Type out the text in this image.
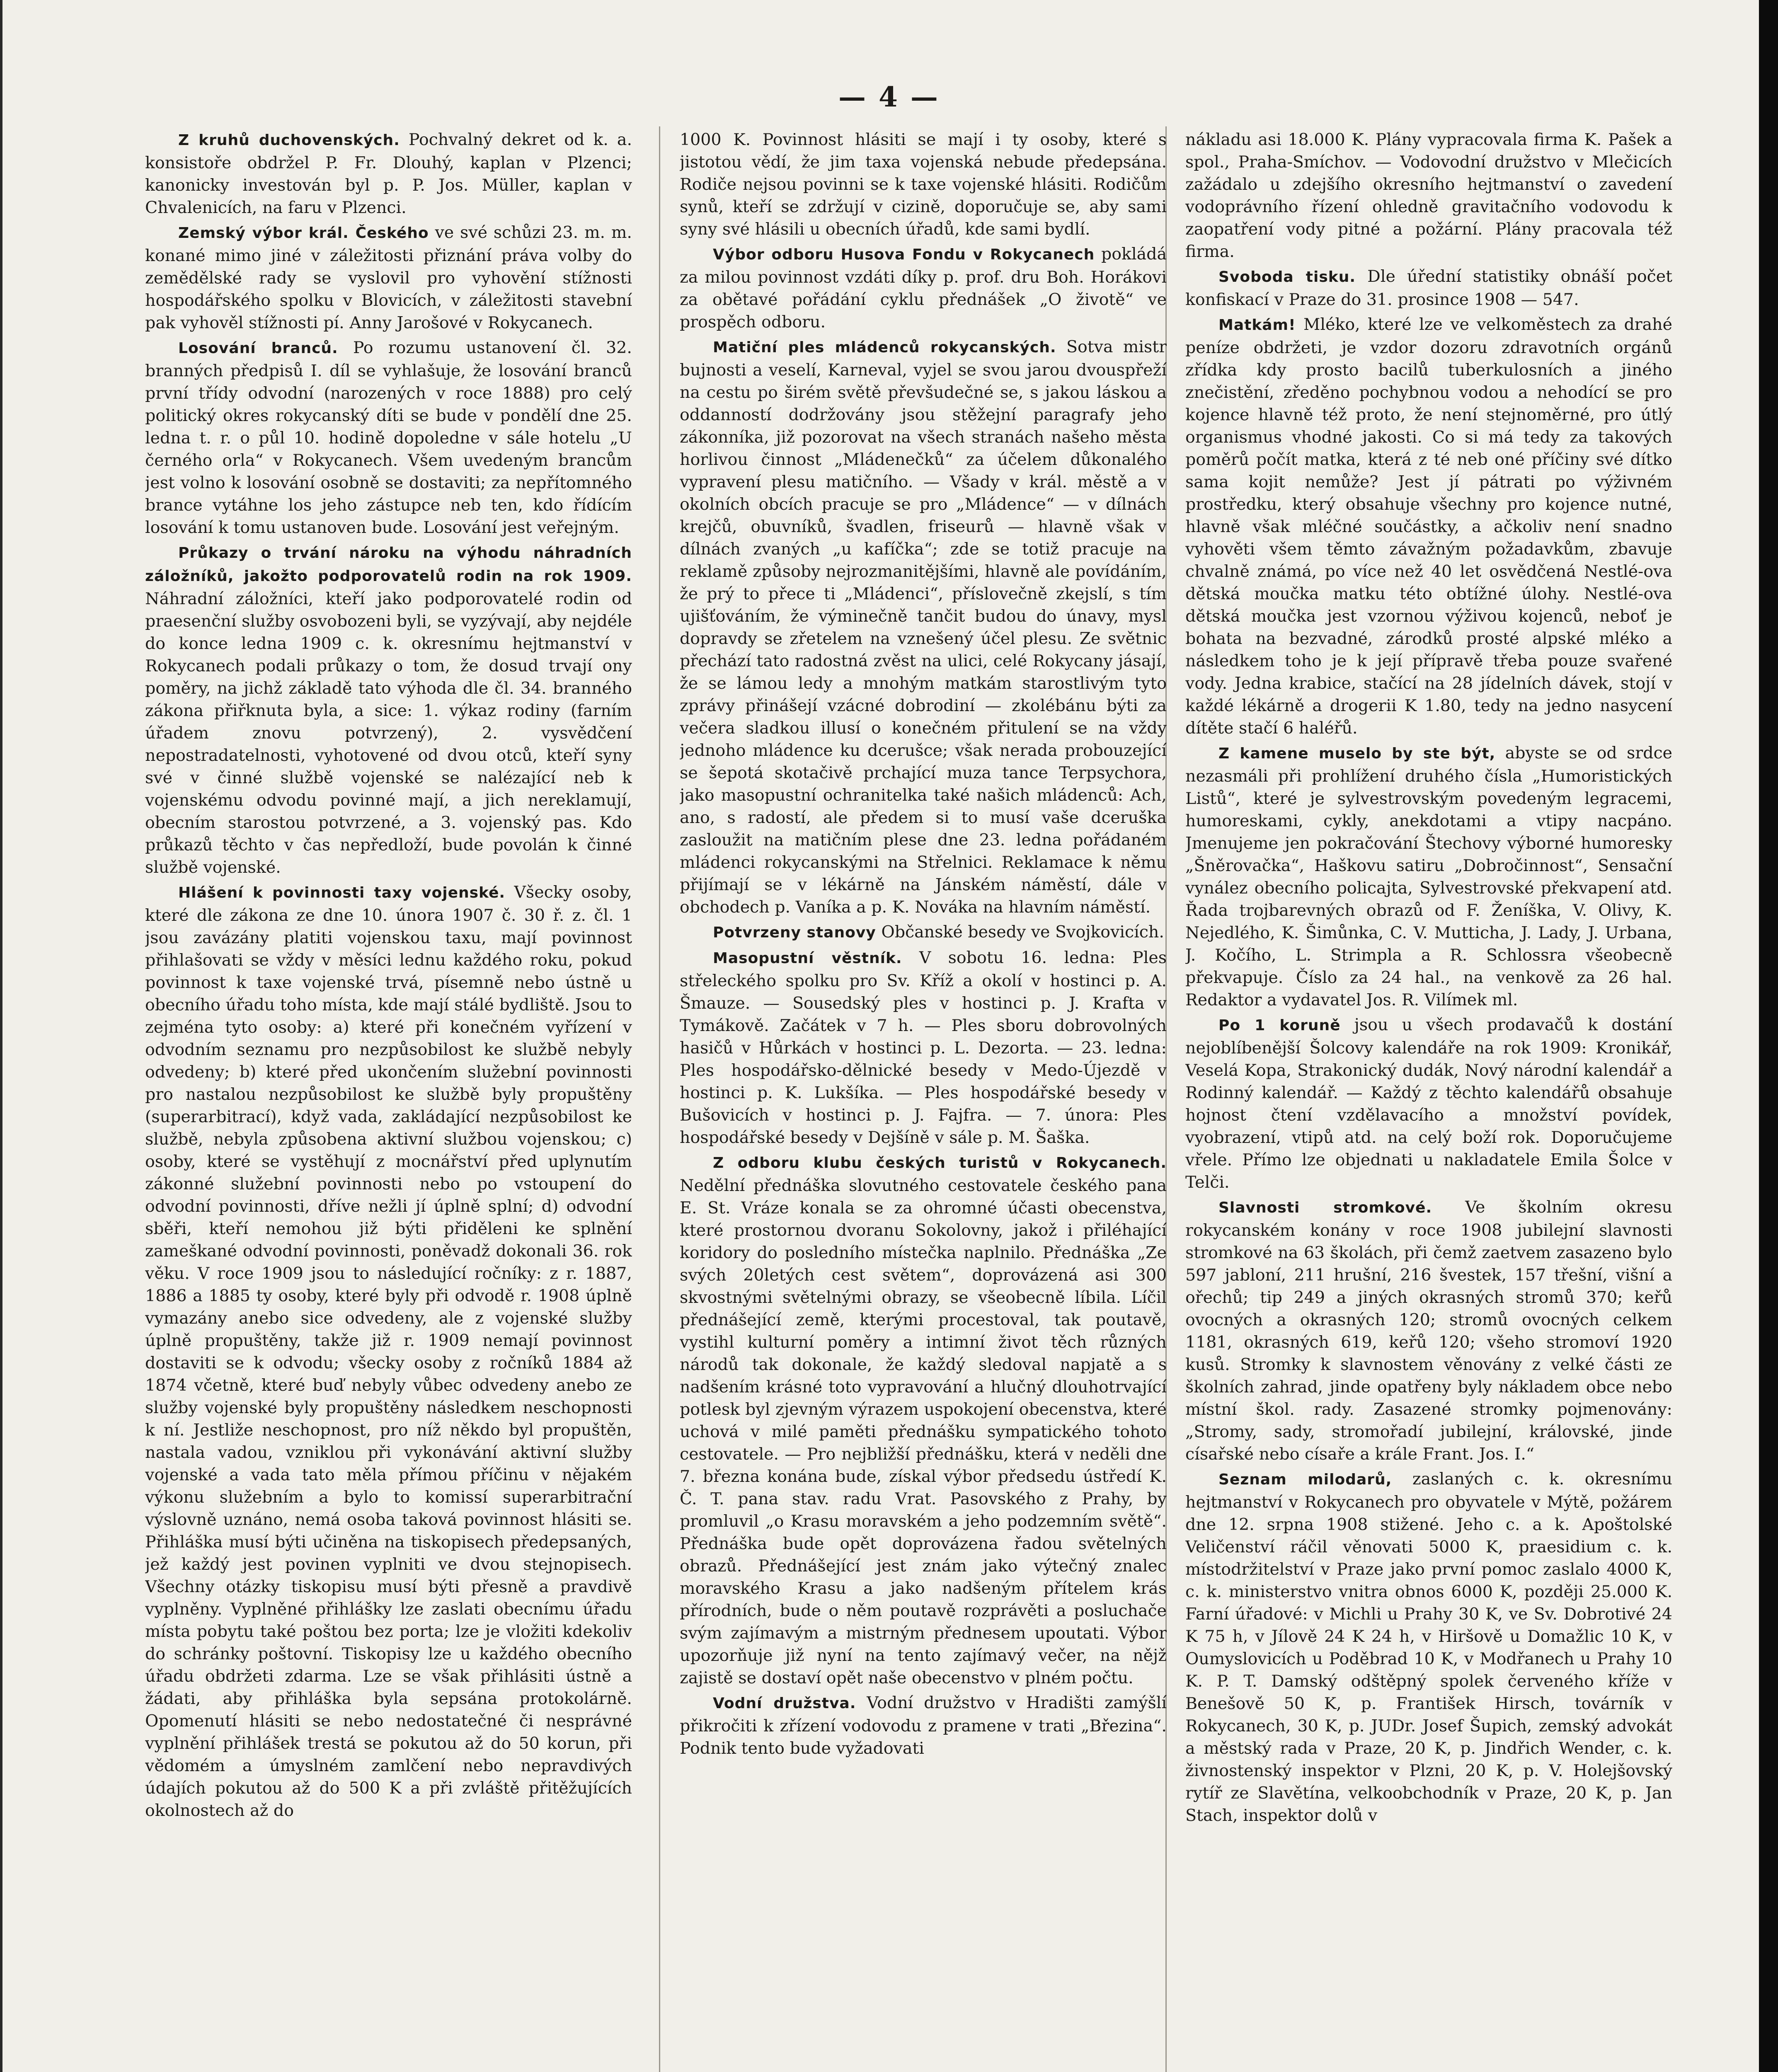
— 4 —

Z kruhů duchovenských. Pochvalný dekret od k. a. konsistoře obdržel P. Fr. Dlouhý, kaplan v Plzenci; kanonicky investován byl p. P. Jos. Müller, kaplan v Chvalenicích, na faru v Plzenci.

Zemský výbor král. Českého ve své schůzi 23. m. m. konané mimo jiné v záležitosti přiznání práva volby do zemědělské rady se vyslovil pro vyhovění stížnosti hospodářského spolku v Blovicích, v záležitosti stavební pak vyhověl stížnosti pí. Anny Jarošové v Rokycanech.

Losování branců. Po rozumu ustanovení čl. 32. branných předpisů I. díl se vyhlašuje, že losování branců první třídy odvodní (narozených v roce 1888) pro celý politický okres rokycanský díti se bude v pondělí dne 25. ledna t. r. o půl 10. hodině dopoledne v sále hotelu „U černého orla“ v Rokycanech. Všem uvedeným brancům jest volno k losování osobně se dostaviti; za nepřítomného brance vytáhne los jeho zástupce neb ten, kdo řídícím losování k tomu ustanoven bude. Losování jest veřejným.

Průkazy o trvání nároku na výhodu náhradních záložníků, jakožto podporovatelů rodin na rok 1909. Náhradní záložníci, kteří jako podporovatelé rodin od praesenční služby osvobozeni byli, se vyzývají, aby nejdéle do konce ledna 1909 c. k. okresnímu hejtmanství v Rokycanech podali průkazy o tom, že dosud trvají ony poměry, na jichž základě tato výhoda dle čl. 34. branného zákona přiřknuta byla, a sice: 1. výkaz rodiny (farním úřadem znovu potvrzený), 2. vysvědčení nepostradatelnosti, vyhotovené od dvou otců, kteří syny své v činné službě vojenské se nalézající neb k vojenskému odvodu povinné mají, a jich nereklamují, obecním starostou potvrzené, a 3. vojenský pas. Kdo průkazů těchto v čas nepředloží, bude povolán k činné službě vojenské.

Hlášení k povinnosti taxy vojenské. Všecky osoby, které dle zákona ze dne 10. února 1907 č. 30 ř. z. čl. 1 jsou zavázány platiti vojenskou taxu, mají povinnost přihlašovati se vždy v měsíci lednu každého roku, pokud povinnost k taxe vojenské trvá, písemně nebo ústně u obecního úřadu toho místa, kde mají stálé bydliště. Jsou to zejména tyto osoby: a) které při konečném vyřízení v odvodním seznamu pro nezpůsobilost ke službě nebyly odvedeny; b) které před ukončením služební povinnosti pro nastalou nezpůsobilost ke službě byly propuštěny (superarbitrací), když vada, zakládající nezpůsobilost ke službě, nebyla způsobena aktivní službou vojenskou; c) osoby, které se vystěhují z mocnářství před uplynutím zákonné služební povinnosti nebo po vstoupení do odvodní povinnosti, dříve nežli jí úplně splní; d) odvodní sběři, kteří nemohou již býti přiděleni ke splnění zameškané odvodní povinnosti, poněvadž dokonali 36. rok věku. V roce 1909 jsou to následující ročníky: z r. 1887, 1886 a 1885 ty osoby, které byly při odvodě r. 1908 úplně vymazány anebo sice odvedeny, ale z vojenské služby úplně propuštěny, takže již r. 1909 nemají povinnost dostaviti se k odvodu; všecky osoby z ročníků 1884 až 1874 včetně, které buď nebyly vůbec odvedeny anebo ze služby vojenské byly propuštěny následkem neschopnosti k ní. Jestliže neschopnost, pro níž někdo byl propuštěn, nastala vadou, vzniklou při vykonávání aktivní služby vojenské a vada tato měla přímou příčinu v nějakém výkonu služebním a bylo to komissí superarbitrační výslovně uznáno, nemá osoba taková povinnost hlásiti se. Přihláška musí býti učiněna na tiskopisech předepsaných, jež každý jest povinen vyplniti ve dvou stejnopisech. Všechny otázky tiskopisu musí býti přesně a pravdivě vyplněny. Vyplněné přihlášky lze zaslati obecnímu úřadu místa pobytu také poštou bez porta; lze je vložiti kdekoliv do schránky poštovní. Tiskopisy lze u každého obecního úřadu obdržeti zdarma. Lze se však přihlásiti ústně a žádati, aby přihláška byla sepsána protokolárně. Opomenutí hlásiti se nebo nedostatečné či nesprávné vyplnění přihlášek trestá se pokutou až do 50 korun, při vědomém a úmyslném zamlčení nebo nepravdivých údajích pokutou až do 500 K a při zvláště přitěžujících okolnostech až do

1000 K. Povinnost hlásiti se mají i ty osoby, které s jistotou vědí, že jim taxa vojenská nebude předepsána. Rodiče nejsou povinni se k taxe vojenské hlásiti. Rodičům synů, kteří se zdržují v cizině, doporučuje se, aby sami syny své hlásili u obecních úřadů, kde sami bydlí.

Výbor odboru Husova Fondu v Rokycanech pokládá za milou povinnost vzdáti díky p. prof. dru Boh. Horákovi za obětavé pořádání cyklu přednášek „O životě“ ve prospěch odboru.

Matiční ples mládenců rokycanských. Sotva mistr bujnosti a veselí, Karneval, vyjel se svou jarou dvouspřeží na cestu po širém světě převšudečné se, s jakou láskou a oddanností dodržovány jsou stěžejní paragrafy jeho zákonníka, již pozorovat na všech stranách našeho města horlivou činnost „Mládenečků“ za účelem důkonalého vypravení plesu matičního. — Všady v král. městě a v okolních obcích pracuje se pro „Mládence“ — v dílnách krejčů, obuvníků, švadlen, friseurů — hlavně však v dílnách zvaných „u kafíčka“; zde se totiž pracuje na reklamě způsoby nejrozmanitějšími, hlavně ale povídáním, že prý to přece ti „Mládenci“, příslovečně zkejslí, s tím ujišťováním, že výminečně tančit budou do únavy, mysl dopravdy se zřetelem na vznešený účel plesu. Ze světnic přechází tato radostná zvěst na ulici, celé Rokycany jásají, že se lámou ledy a mnohým matkám starostlivým tyto zprávy přinášejí vzácné dobrodiní — zkolébánu býti za večera sladkou illusí o konečném přitulení se na vždy jednoho mládence ku dcerušce; však nerada probouzející se šepotá skotačivě prchající muza tance Terpsychora, jako masopustní ochranitelka také našich mládenců: Ach, ano, s radostí, ale předem si to musí vaše dceruška zasloužit na matičním plese dne 23. ledna pořádaném mládenci rokycanskými na Střelnici. Reklamace k němu přijímají se v lékárně na Jánském náměstí, dále v obchodech p. Vaníka a p. K. Nováka na hlavním náměstí.

Potvrzeny stanovy Občanské besedy ve Svojkovicích.

Masopustní věstník. V sobotu 16. ledna: Ples střeleckého spolku pro Sv. Kříž a okolí v hostinci p. A. Šmauze. — Sousedský ples v hostinci p. J. Krafta v Tymákově. Začátek v 7 h. — Ples sboru dobrovolných hasičů v Hůrkách v hostinci p. L. Dezorta. — 23. ledna: Ples hospodářsko-dělnické besedy v Medo-Újezdě v hostinci p. K. Lukšíka. — Ples hospodářské besedy v Bušovicích v hostinci p. J. Fajfra. — 7. února: Ples hospodářské besedy v Dejšíně v sále p. M. Šaška.

Z odboru klubu českých turistů v Rokycanech. Nedělní přednáška slovutného cestovatele českého pana E. St. Vráze konala se za ohromné účasti obecenstva, které prostornou dvoranu Sokolovny, jakož i přiléhající koridory do posledního místečka naplnilo. Přednáška „Ze svých 20letých cest světem“, doprovázená asi 300 skvostnými světelnými obrazy, se všeobecně líbila. Líčil přednášející země, kterými procestoval, tak poutavě, vystihl kulturní poměry a intimní život těch různých národů tak dokonale, že každý sledoval napjatě a s nadšením krásné toto vypravování a hlučný dlouhotrvající potlesk byl zjevným výrazem uspokojení obecenstva, které uchová v milé paměti přednášku sympatického tohoto cestovatele. — Pro nejbližší přednášku, která v neděli dne 7. března konána bude, získal výbor předsedu ústředí K. Č. T. pana stav. radu Vrat. Pasovského z Prahy, by promluvil „o Krasu moravském a jeho podzemním světě“. Přednáška bude opět doprovázena řadou světelných obrazů. Přednášející jest znám jako výtečný znalec moravského Krasu a jako nadšeným přítelem krás přírodních, bude o něm poutavě rozprávěti a posluchače svým zajímavým a mistrným přednesem upoutati. Výbor upozorňuje již nyní na tento zajímavý večer, na nějž zajistě se dostaví opět naše obecenstvo v plném počtu.

Vodní družstva. Vodní družstvo v Hradišti zamýšlí přikročiti k zřízení vodovodu z pramene v trati „Březina“. Podnik tento bude vyžadovati

nákladu asi 18.000 K. Plány vypracovala firma K. Pašek a spol., Praha-Smíchov. — Vodovodní družstvo v Mlečicích zažádalo u zdejšího okresního hejtmanství o zavedení vodoprávního řízení ohledně gravitačního vodovodu k zaopatření vody pitné a požární. Plány pracovala též firma.

Svoboda tisku. Dle úřední statistiky obnáší počet konfiskací v Praze do 31. prosince 1908 — 547.

Matkám! Mléko, které lze ve velkoměstech za drahé peníze obdržeti, je vzdor dozoru zdravotních orgánů zřídka kdy prosto bacilů tuberkulosních a jiného znečistění, zředěno pochybnou vodou a nehodící se pro kojence hlavně též proto, že není stejnoměrné, pro útlý organismus vhodné jakosti. Co si má tedy za takových poměrů počít matka, která z té neb oné příčiny své dítko sama kojit nemůže? Jest jí pátrati po výživném prostředku, který obsahuje všechny pro kojence nutné, hlavně však mléčné součástky, a ačkoliv není snadno vyhověti všem těmto závažným požadavkům, zbavuje chvalně známá, po více než 40 let osvědčená Nestlé-ova dětská moučka matku této obtížné úlohy. Nestlé-ova dětská moučka jest vzornou výživou kojenců, neboť je bohata na bezvadné, zárodků prosté alpské mléko a následkem toho je k její přípravě třeba pouze svařené vody. Jedna krabice, stačící na 28 jídelních dávek, stojí v každé lékárně a drogerii K 1.80, tedy na jedno nasycení dítěte stačí 6 haléřů.

Z kamene muselo by ste být, abyste se od srdce nezasmáli při prohlížení druhého čísla „Humoristických Listů“, které je sylvestrovským povedeným legracemi, humoreskami, cykly, anekdotami a vtipy nacpáno. Jmenujeme jen pokračování Štechovy výborné humoresky „Šněrovačka“, Haškovu satiru „Dobročinnost“, Sensační vynález obecního policajta, Sylvestrovské překvapení atd. Řada trojbarevných obrazů od F. Ženíška, V. Olivy, K. Nejedlého, K. Šimůnka, C. V. Mutticha, J. Lady, J. Urbana, J. Kočího, L. Strimpla a R. Schlossra všeobecně překvapuje. Číslo za 24 hal., na venkově za 26 hal. Redaktor a vydavatel Jos. R. Vilímek ml.

Po 1 koruně jsou u všech prodavačů k dostání nejoblíbenější Šolcovy kalendáře na rok 1909: Kronikář, Veselá Kopa, Strakonický dudák, Nový národní kalendář a Rodinný kalendář. — Každý z těchto kalendářů obsahuje hojnost čtení vzdělavacího a množství povídek, vyobrazení, vtipů atd. na celý boží rok. Doporučujeme vřele. Přímo lze objednati u nakladatele Emila Šolce v Telči.

Slavnosti stromkové. Ve školním okresu rokycanském konány v roce 1908 jubilejní slavnosti stromkové na 63 školách, při čemž zaetvem zasazeno bylo 597 jabloní, 211 hrušní, 216 švestek, 157 třešní, višní a ořechů; tip 249 a jiných okrasných stromů 370; keřů ovocných a okrasných 120; stromů ovocných celkem 1181, okrasných 619, keřů 120; všeho stromoví 1920 kusů. Stromky k slavnostem věnovány z velké části ze školních zahrad, jinde opatřeny byly nákladem obce nebo místní škol. rady. Zasazené stromky pojmenovány: „Stromy, sady, stromořadí jubilejní, královské, jinde císařské nebo císaře a krále Frant. Jos. I.“

Seznam milodarů, zaslaných c. k. okresnímu hejtmanství v Rokycanech pro obyvatele v Mýtě, požárem dne 12. srpna 1908 stižené. Jeho c. a k. Apoštolské Veličenství ráčil věnovati 5000 K, praesidium c. k. místodržitelství v Praze jako první pomoc zaslalo 4000 K, c. k. ministerstvo vnitra obnos 6000 K, později 25.000 K. Farní úřadové: v Michli u Prahy 30 K, ve Sv. Dobrotivé 24 K 75 h, v Jílově 24 K 24 h, v Hiršově u Domažlic 10 K, v Oumyslovicích u Poděbrad 10 K, v Modřanech u Prahy 10 K. P. T. Damský odštěpný spolek červeného kříže v Benešově 50 K, p. František Hirsch, továrník v Rokycanech, 30 K, p. JUDr. Josef Šupich, zemský advokát a městský rada v Praze, 20 K, p. Jindřich Wender, c. k. živnostenský inspektor v Plzni, 20 K, p. V. Holejšovský rytíř ze Slavětína, velkoobchodník v Praze, 20 K, p. Jan Stach, inspektor dolů v
